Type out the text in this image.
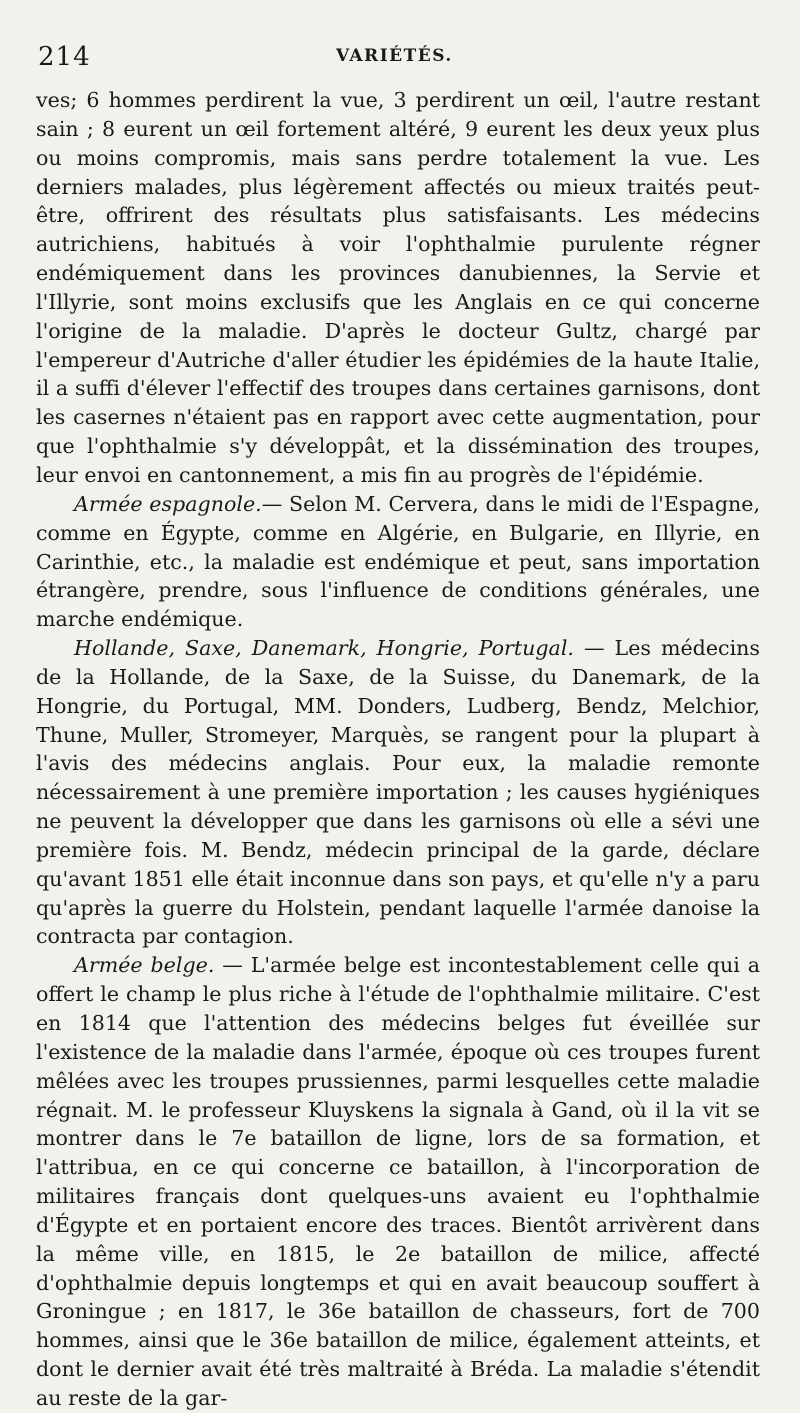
214	VARIÉTÉS.

ves; 6 hommes perdirent la vue, 3 perdirent un œil, l'autre restant sain ; 8 eurent un œil fortement altéré, 9 eurent les deux yeux plus ou moins compromis, mais sans perdre totalement la vue. Les derniers malades, plus légèrement affectés ou mieux traités peut-être, offrirent des résultats plus satisfaisants. Les médecins autrichiens, habitués à voir l'ophthalmie purulente régner endémiquement dans les provinces danubiennes, la Servie et l'Illyrie, sont moins exclusifs que les Anglais en ce qui concerne l'origine de la maladie. D'après le docteur Gultz, chargé par l'empereur d'Autriche d'aller étudier les épidémies de la haute Italie, il a suffi d'élever l'effectif des troupes dans certaines garnisons, dont les casernes n'étaient pas en rapport avec cette augmentation, pour que l'ophthalmie s'y développât, et la dissémination des troupes, leur envoi en cantonnement, a mis fin au progrès de l'épidémie.

Armée espagnole.— Selon M. Cervera, dans le midi de l'Espagne, comme en Égypte, comme en Algérie, en Bulgarie, en Illyrie, en Carinthie, etc., la maladie est endémique et peut, sans importation étrangère, prendre, sous l'influence de conditions générales, une marche endémique.

Hollande, Saxe, Danemark, Hongrie, Portugal. — Les médecins de la Hollande, de la Saxe, de la Suisse, du Danemark, de la Hongrie, du Portugal, MM. Donders, Ludberg, Bendz, Melchior, Thune, Muller, Stromeyer, Marquès, se rangent pour la plupart à l'avis des médecins anglais. Pour eux, la maladie remonte nécessairement à une première importation ; les causes hygiéniques ne peuvent la développer que dans les garnisons où elle a sévi une première fois. M. Bendz, médecin principal de la garde, déclare qu'avant 1851 elle était inconnue dans son pays, et qu'elle n'y a paru qu'après la guerre du Holstein, pendant laquelle l'armée danoise la contracta par contagion.

Armée belge. — L'armée belge est incontestablement celle qui a offert le champ le plus riche à l'étude de l'ophthalmie militaire. C'est en 1814 que l'attention des médecins belges fut éveillée sur l'existence de la maladie dans l'armée, époque où ces troupes furent mêlées avec les troupes prussiennes, parmi lesquelles cette maladie régnait. M. le professeur Kluyskens la signala à Gand, où il la vit se montrer dans le 7e bataillon de ligne, lors de sa formation, et l'attribua, en ce qui concerne ce bataillon, à l'incorporation de militaires français dont quelques-uns avaient eu l'ophthalmie d'Égypte et en portaient encore des traces. Bientôt arrivèrent dans la même ville, en 1815, le 2e bataillon de milice, affecté d'ophthalmie depuis longtemps et qui en avait beaucoup souffert à Groningue ; en 1817, le 36e bataillon de chasseurs, fort de 700 hommes, ainsi que le 36e bataillon de milice, également atteints, et dont le dernier avait été très maltraité à Bréda. La maladie s'étendit au reste de la gar-
